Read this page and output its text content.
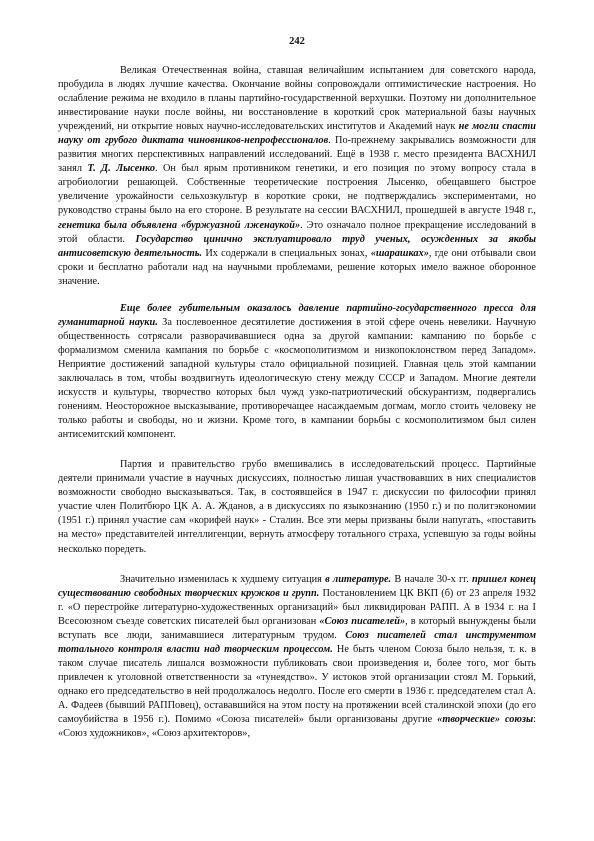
242

Великая Отечественная война, ставшая величайшим испытанием для советского народа, пробудила в людях лучшие качества. Окончание войны сопровождали оптимистические настроения. Но ослабление режима не входило в планы партийно-государственной верхушки. Поэтому ни дополнительное инвестирование науки после войны, ни восстановление в короткий срок материальной базы научных учреждений, ни открытие новых научно-исследовательских институтов и Академий наук не могли спасти науку от грубого диктата чиновников-непрофессионалов. По-прежнему закрывались возможности для развития многих перспективных направлений исследований. Ещё в 1938 г. место президента ВАСХНИЛ занял Т. Д. Лысенко. Он был ярым противником генетики, и его позиция по этому вопросу стала в агробиологии решающей. Собственные теоретические построения Лысенко, обещавшего быстрое увеличение урожайности сельхозкультур в короткие сроки, не подтверждались экспериментами, но руководство страны было на его стороне. В результате на сессии ВАСХНИЛ, прошедшей в августе 1948 г., генетика была объявлена «буржуазной лженаукой». Это означало полное прекращение исследований в этой области. Государство цинично эксплуатировало труд ученых, осужденных за якобы антисоветскую деятельность. Их содержали в специальных зонах, «шарашках», где они отбывали свои сроки и бесплатно работали над на научными проблемами, решение которых имело важное оборонное значение.

Еще более губительным оказалось давление партийно-государственного пресса для гуманитарной науки. За послевоенное десятилетие достижения в этой сфере очень невелики. Научную общественность сотрясали разворачивавшиеся одна за другой кампании: кампанию по борьбе с формализмом сменила кампания по борьбе с «космополитизмом и низкопоклонством перед Западом». Неприятие достижений западной культуры стало официальной позицией. Главная цель этой кампании заключалась в том, чтобы воздвигнуть идеологическую стену между СССР и Западом. Многие деятели искусств и культуры, творчество которых был чужд узко-патриотический обскурантизм, подвергались гонениям. Неосторожное высказывание, противоречащее насаждаемым догмам, могло стоить человеку не только работы и свободы, но и жизни. Кроме того, в кампании борьбы с космополитизмом был силен антисемитский компонент.

Партия и правительство грубо вмешивались в исследовательский процесс. Партийные деятели принимали участие в научных дискуссиях, полностью лишая участвовавших в них специалистов возможности свободно высказываться. Так, в состоявшейся в 1947 г. дискуссии по философии принял участие член Политбюро ЦК А. А. Жданов, а в дискуссиях по языкознанию (1950 г.) и по политэкономии (1951 г.) принял участие сам «корифей наук» - Сталин. Все эти меры призваны были напугать, «поставить на место» представителей интеллигенции, вернуть атмосферу тотального страха, успевшую за годы войны несколько поредеть.

Значительно изменилась к худшему ситуация в литературе. В начале 30-х гг. пришел конец существованию свободных творческих кружков и групп. Постановлением ЦК ВКП (б) от 23 апреля 1932 г. «О перестройке литературно-художественных организаций» был ликвидирован РАПП. А в 1934 г. на I Всесоюзном съезде советских писателей был организован «Союз писателей», в который вынуждены были вступать все люди, занимавшиеся литературным трудом. Союз писателей стал инструментом тотального контроля власти над творческим процессом. Не быть членом Союза было нельзя, т. к. в таком случае писатель лишался возможности публиковать свои произведения и, более того, мог быть привлечен к уголовной ответственности за «тунеядство». У истоков этой организации стоял М. Горький, однако его председательство в ней продолжалось недолго. После его смерти в 1936 г. председателем стал А. А. Фадеев (бывший РАППовец), остававшийся на этом посту на протяжении всей сталинской эпохи (до его самоубийства в 1956 г.). Помимо «Союза писателей» были организованы другие «творческие» союзы: «Союз художников», «Союз архитекторов»,
